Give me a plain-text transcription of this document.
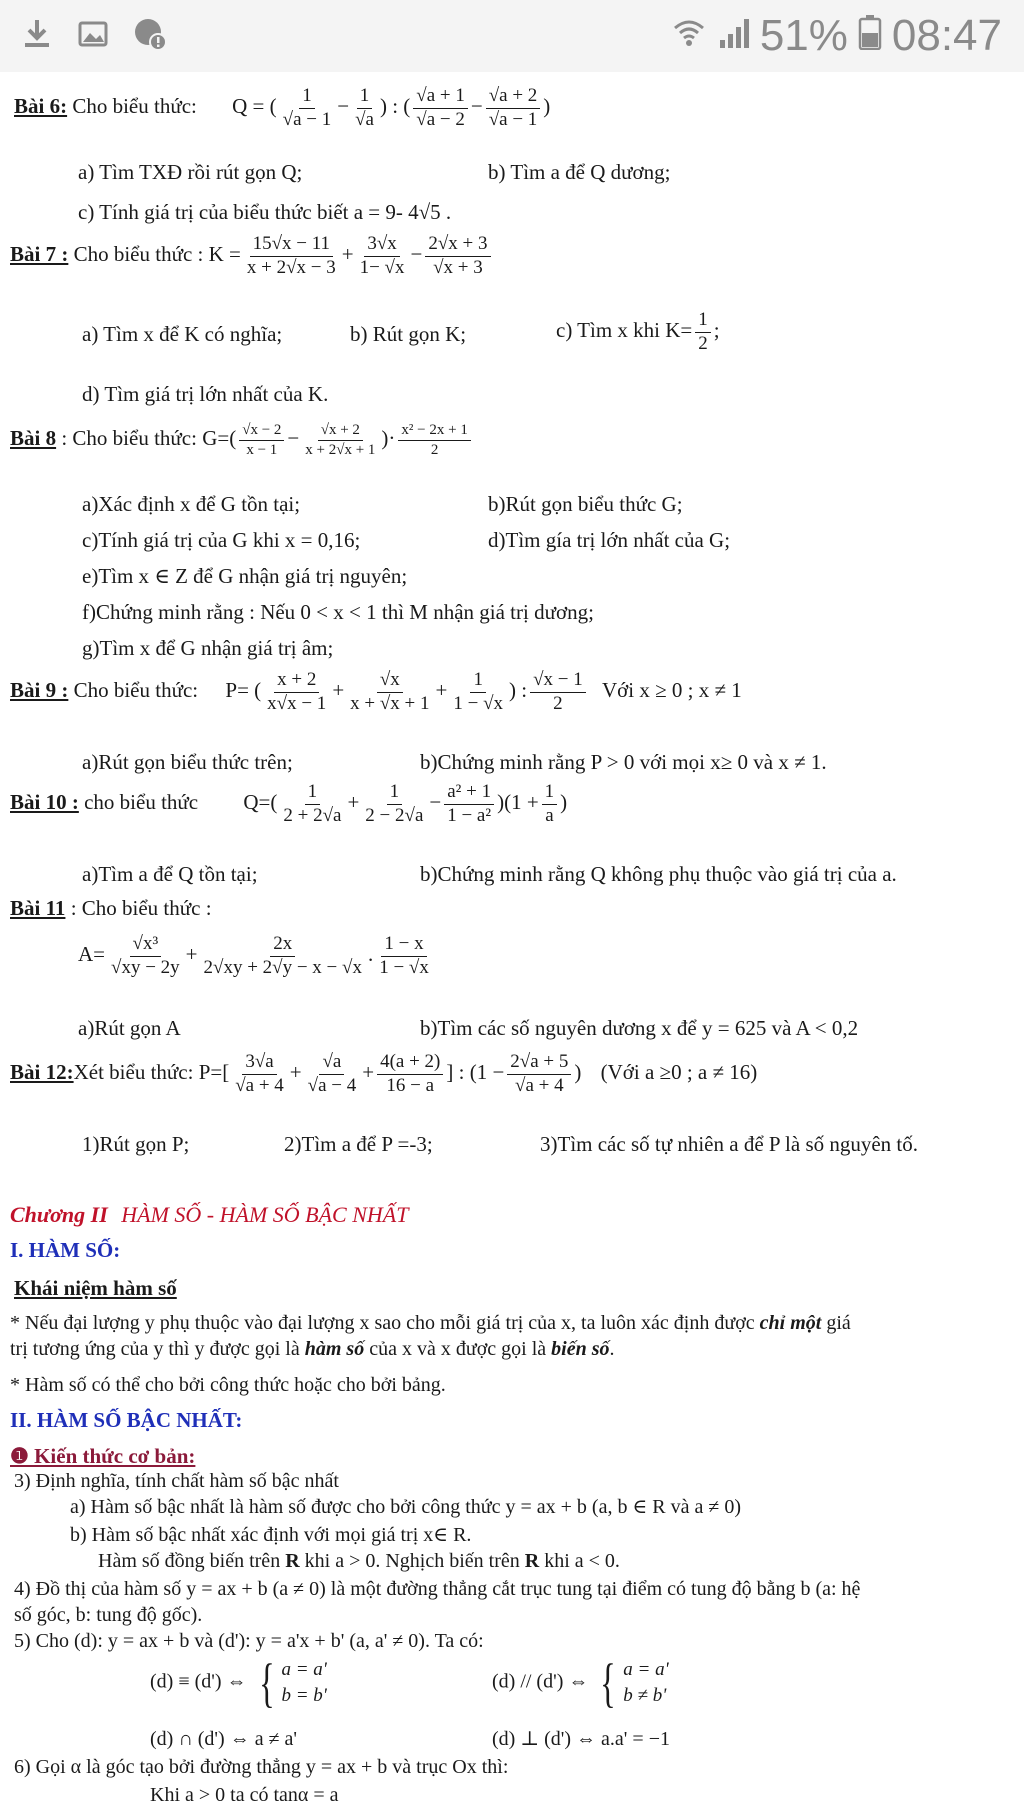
51% 08:47
Bài 6: Cho biểu thức: Q = ( $\frac{1}{√a - 1} - \frac{1}{√a}$ ) : ( $\frac{√a + 1}{√a - 2} - \frac{√a + 2}{√a - 1}$ )
a) Tìm TXĐ rồi rút gọn Q;	b) Tìm a để Q dương;
c) Tính giá trị của biểu thức biết a = 9- 4√5 .
Bài 7 : Cho biểu thức : $K = \frac{15√x - 11}{x + 2√x - 3} + \frac{3√x}{1- √x} - \frac{2√x + 3}{√x + 3}$
a) Tìm x để K có nghĩa;	b) Rút gọn K;	c) Tìm x khi $K= \frac{1}{2}$ ;
d) Tìm giá trị lớn nhất của K.
Bài 8 : Cho biểu thức: $G=( \frac{√x - 2}{x - 1} - \frac{√x + 2}{x + 2√x + 1}$ )· $\frac{\text{x² − 2x + 1}}{2}$
a)Xác định x để G tồn tại;	b)Rút gọn biểu thức G;
c)Tính giá trị của G khi x = 0,16;	d)Tìm gía trị lớn nhất của G;
e)Tìm x ∈ Z để G nhận giá trị nguyên;
f)Chứng minh rằng : Nếu 0 < x < 1 thì M nhận giá trị dương;
g)Tìm x để G nhận giá trị âm;
Bài 9 : Cho biểu thức: P= ( $\frac{x + 2}{x√x - 1} + \frac{√x}{x + √x + 1} + \frac{1}{1 - √x}$ ) : $\frac{√x - 1}{2}$ Với x ≥ 0 ; x ≠ 1
a)Rút gọn biểu thức trên;	b)Chứng minh rằng P > 0 với mọi x≥ 0 và x ≠ 1.
Bài 10 : cho biểu thức $Q=( \frac{1}{2 + 2√a} + \frac{1}{2 - 2√a} - \frac{\text{a² + 1}}{\text{1 − a²}} )(1 + \frac{1}{a}$ )
a)Tìm a để Q tồn tại;	b)Chứng minh rằng Q không phụ thuộc vào giá trị của a.
Bài 11 : Cho biểu thức :
$A= \frac{\text{√x³}}{√xy - 2y} + \frac{2x}{2√xy + 2√y - x - √x}$ . $\frac{1 - x}{1 - √x}$
a)Rút gọn A	b)Tìm các số nguyên dương x để y = 625 và A < 0,2
Bài 12:Xét biểu thức: $P=[ \frac{3√a}{√a + 4} + \frac{√a}{√a - 4} + \frac{4(a + 2)}{16 - a}$ ] : ($1 - \frac{2√a + 5}{√a + 4}$ ) (Với a ≥0 ; a ≠ 16)
1)Rút gọn P;	2)Tìm a để P =-3;	3)Tìm các số tự nhiên a để P là số nguyên tố.
Chương II HÀM SỐ - HÀM SỐ BẬC NHẤT
I. HÀM SỐ:
Khái niệm hàm số
* Nếu đại lượng y phụ thuộc vào đại lượng x sao cho mỗi giá trị của x, ta luôn xác định được chỉ một giá
trị tương ứng của y thì y được gọi là hàm số của x và x được gọi là biến số.
* Hàm số có thể cho bởi công thức hoặc cho bởi bảng.
II. HÀM SỐ BẬC NHẤT:
❶ Kiến thức cơ bản:
3) Định nghĩa, tính chất hàm số bậc nhất
a) Hàm số bậc nhất là hàm số được cho bởi công thức y = ax + b (a, b ∈ R và a ≠ 0)
b) Hàm số bậc nhất xác định với mọi giá trị x∈ R.
Hàm số đồng biến trên R khi a > 0. Nghịch biến trên R khi a < 0.
4) Đồ thị của hàm số y = ax + b (a ≠ 0) là một đường thẳng cắt trục tung tại điểm có tung độ bằng b (a: hệ
số góc, b: tung độ gốc).
5) Cho (d): y = ax + b và (d'): y = a'x + b' (a, a' ≠ 0). Ta có:
(d) ≡ (d') ⇔ { a = a'
b = b'
(d) // (d') ⇔ { a = a'
b ≠ b'
(d) ∩ (d') ⇔ a ≠ a'	(d) ⊥ (d') ⇔ a.a' = −1
6) Gọi α là góc tạo bởi đường thẳng y = ax + b và trục Ox thì:
Khi a > 0 ta có tanα = a
